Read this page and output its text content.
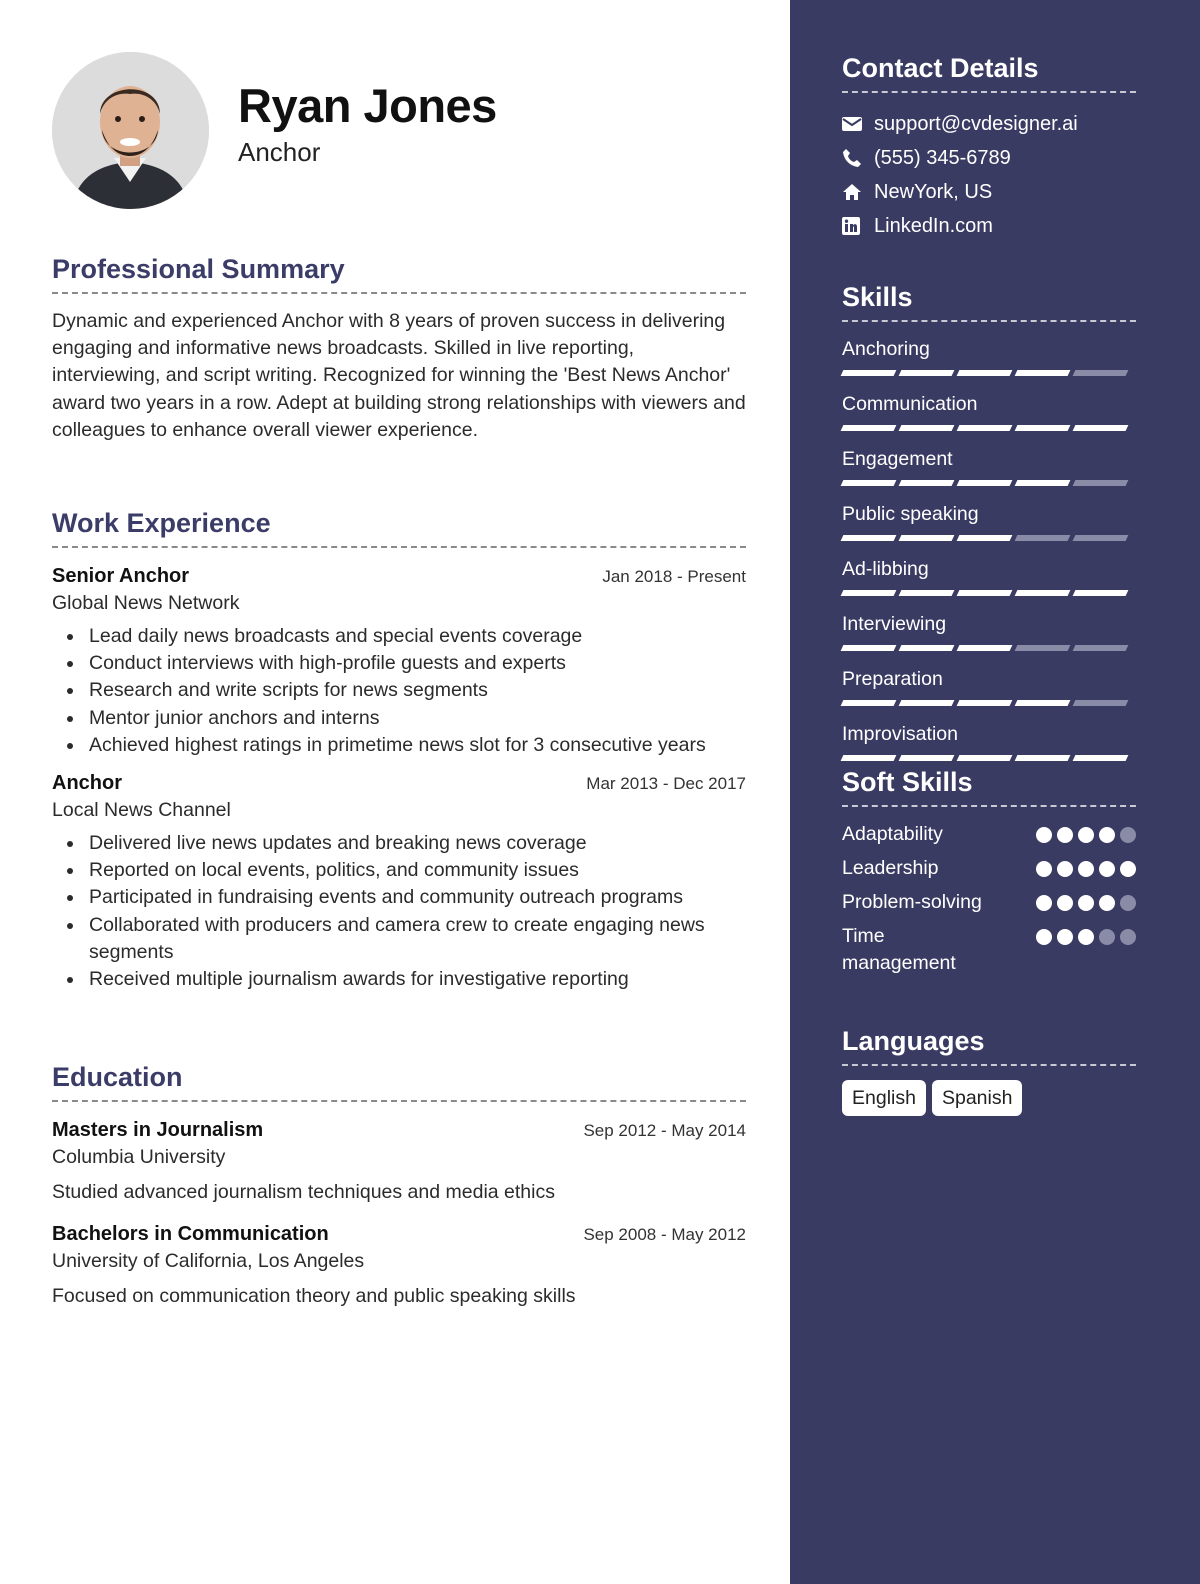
Ryan Jones
Anchor
Professional Summary

Dynamic and experienced Anchor with 8 years of proven success in delivering engaging and informative news broadcasts. Skilled in live reporting, interviewing, and script writing. Recognized for winning the 'Best News Anchor' award two years in a row. Adept at building strong relationships with viewers and colleagues to enhance overall viewer experience.

Work Experience
Senior Anchor	Jan 2018 - Present
Global News Network
Lead daily news broadcasts and special events coverage
Conduct interviews with high-profile guests and experts
Research and write scripts for news segments
Mentor junior anchors and interns
Achieved highest ratings in primetime news slot for 3 consecutive years
Anchor	Mar 2013 - Dec 2017
Local News Channel
Delivered live news updates and breaking news coverage
Reported on local events, politics, and community issues
Participated in fundraising events and community outreach programs
Collaborated with producers and camera crew to create engaging news segments
Received multiple journalism awards for investigative reporting
Education
Masters in Journalism	Sep 2012 - May 2014
Columbia University
Studied advanced journalism techniques and media ethics
Bachelors in Communication	Sep 2008 - May 2012
University of California, Los Angeles
Focused on communication theory and public speaking skills
Contact Details
support@cvdesigner.ai
(555) 345-6789
NewYork, US
LinkedIn.com
Skills
Anchoring
Communication
Engagement
Public speaking
Ad-libbing
Interviewing
Preparation
Improvisation
Soft Skills
Adaptability
Leadership
Problem-solving
Time management
Languages
English	Spanish
